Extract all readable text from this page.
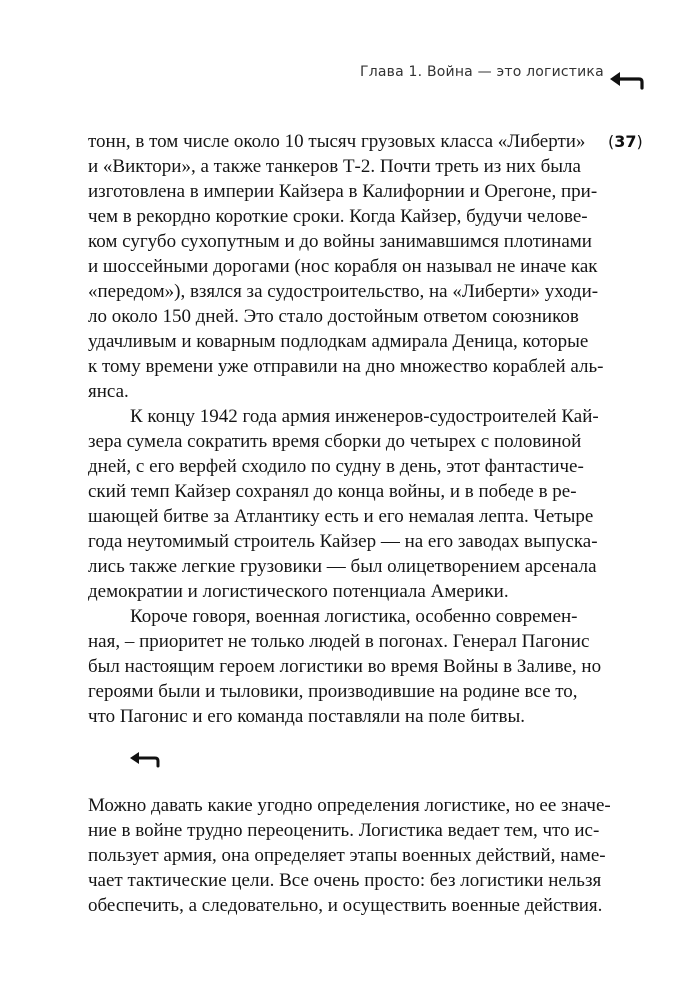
Глава 1. Война — это логистика
(37)
тонн, в том числе около 10 тысяч грузовых класса «Либерти»
и «Виктори», а также танкеров Т-2. Почти треть из них была
изготовлена в империи Кайзера в Калифорнии и Орегоне, при-
чем в рекордно короткие сроки. Когда Кайзер, будучи челове-
ком сугубо сухопутным и до войны занимавшимся плотинами
и шоссейными дорогами (нос корабля он называл не иначе как
«передом»), взялся за судостроительство, на «Либерти» уходи-
ло около 150 дней. Это стало достойным ответом союзников
удачливым и коварным подлодкам адмирала Деница, которые
к тому времени уже отправили на дно множество кораблей аль-
янса.
К концу 1942 года армия инженеров-судостроителей Кай-
зера сумела сократить время сборки до четырех с половиной
дней, с его верфей сходило по судну в день, этот фантастиче-
ский темп Кайзер сохранял до конца войны, и в победе в ре-
шающей битве за Атлантику есть и его немалая лепта. Четыре
года неутомимый строитель Кайзер — на его заводах выпуска-
лись также легкие грузовики — был олицетворением арсенала
демократии и логистического потенциала Америки.
Короче говоря, военная логистика, особенно современ-
ная, – приоритет не только людей в погонах. Генерал Пагонис
был настоящим героем логистики во время Войны в Заливе, но
героями были и тыловики, производившие на родине все то,
что Пагонис и его команда поставляли на поле битвы.
Можно давать какие угодно определения логистике, но ее значе-
ние в войне трудно переоценить. Логистика ведает тем, что ис-
пользует армия, она определяет этапы военных действий, наме-
чает тактические цели. Все очень просто: без логистики нельзя
обеспечить, а следовательно, и осуществить военные действия.
